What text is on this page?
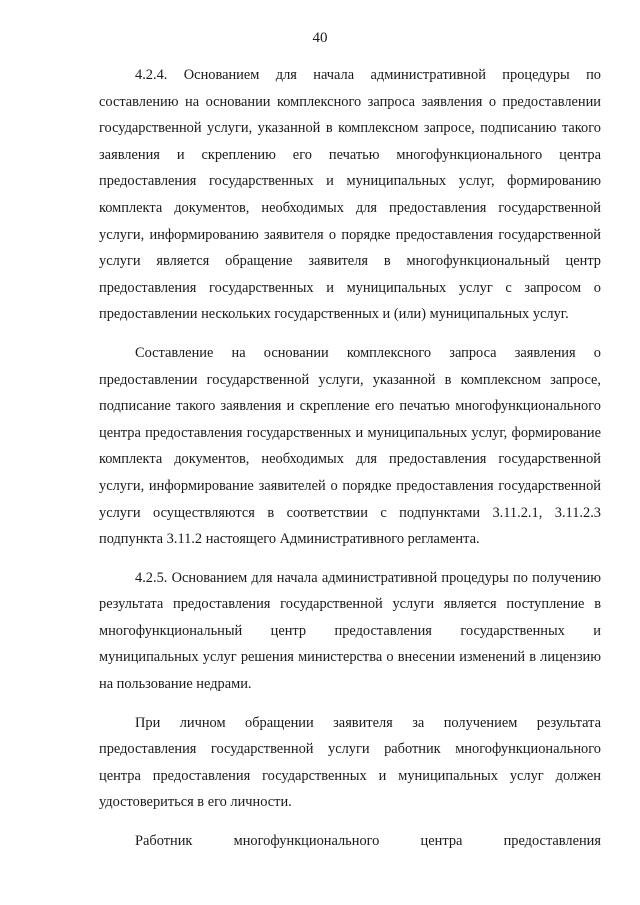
40

4.2.4. Основанием для начала административной процедуры по составлению на основании комплексного запроса заявления о предоставлении государственной услуги, указанной в комплексном запросе, подписанию такого заявления и скреплению его печатью многофункционального центра предоставления государственных и муниципальных услуг, формированию комплекта документов, необходимых для предоставления государственной услуги, информированию заявителя о порядке предоставления государственной услуги является обращение заявителя в многофункциональный центр предоставления государственных и муниципальных услуг с запросом о предоставлении нескольких государственных и (или) муниципальных услуг.

Составление на основании комплексного запроса заявления о предоставлении государственной услуги, указанной в комплексном запросе, подписание такого заявления и скрепление его печатью многофункционального центра предоставления государственных и муниципальных услуг, формирование комплекта документов, необходимых для предоставления государственной услуги, информирование заявителей о порядке предоставления государственной услуги осуществляются в соответствии с подпунктами 3.11.2.1, 3.11.2.3 подпункта 3.11.2 настоящего Административного регламента.

4.2.5. Основанием для начала административной процедуры по получению результата предоставления государственной услуги является поступление в многофункциональный центр предоставления государственных и муниципальных услуг решения министерства о внесении изменений в лицензию на пользование недрами.

При личном обращении заявителя за получением результата предоставления государственной услуги работник многофункционального центра предоставления государственных и муниципальных услуг должен удостовериться в его личности.

Работник многофункционального центра предоставления
